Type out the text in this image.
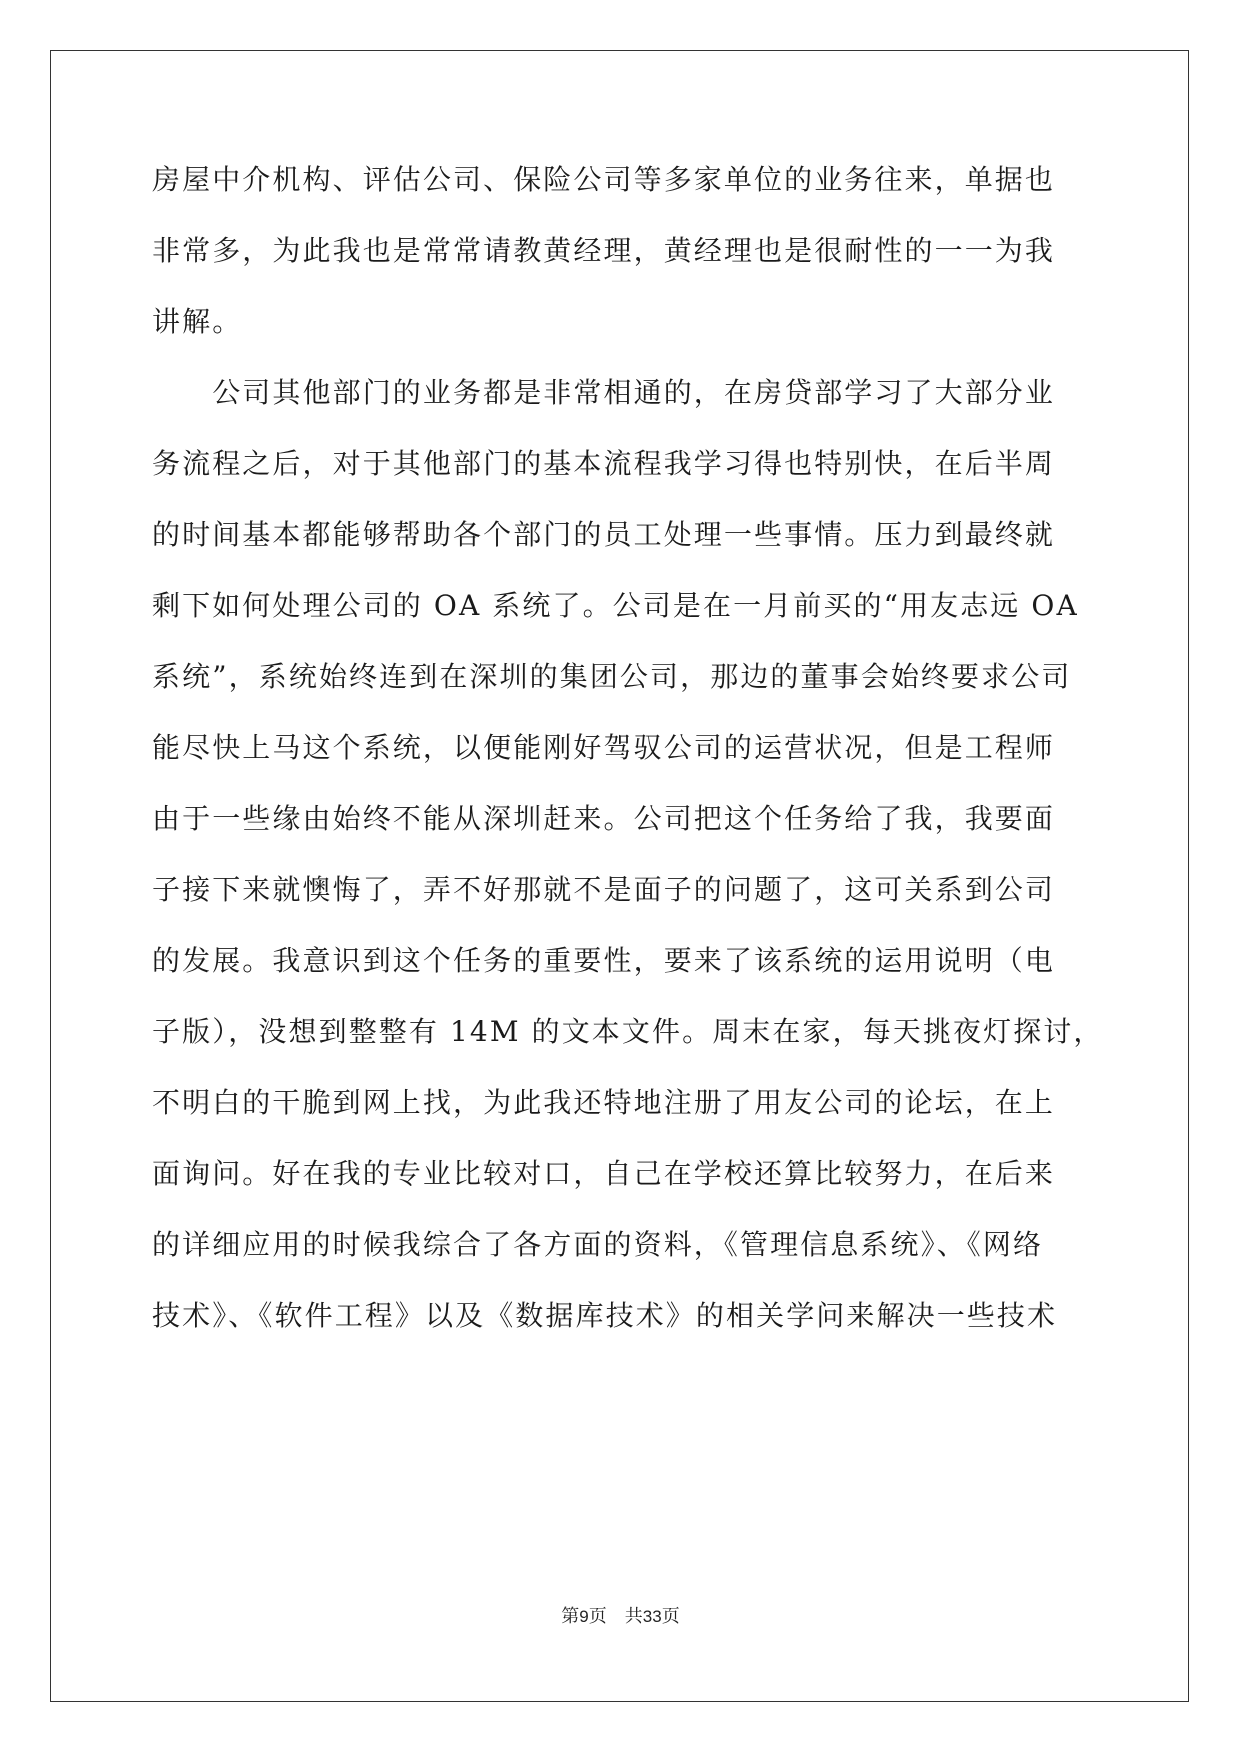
房屋中介机构、评估公司、保险公司等多家单位的业务往来，单据也
非常多，为此我也是常常请教黄经理，黄经理也是很耐性的一一为我
讲解。
　　公司其他部门的业务都是非常相通的，在房贷部学习了大部分业
务流程之后，对于其他部门的基本流程我学习得也特别快，在后半周
的时间基本都能够帮助各个部门的员工处理一些事情。压力到最终就
剩下如何处理公司的 OA 系统了。公司是在一月前买的“用友志远 OA
系统”，系统始终连到在深圳的集团公司，那边的董事会始终要求公司
能尽快上马这个系统，以便能刚好驾驭公司的运营状况，但是工程师
由于一些缘由始终不能从深圳赶来。公司把这个任务给了我，我要面
子接下来就懊悔了，弄不好那就不是面子的问题了，这可关系到公司
的发展。我意识到这个任务的重要性，要来了该系统的运用说明（电
子版），没想到整整有 14M 的文本文件。周末在家，每天挑夜灯探讨，
不明白的干脆到网上找，为此我还特地注册了用友公司的论坛，在上
面询问。好在我的专业比较对口，自己在学校还算比较努力，在后来
的详细应用的时候我综合了各方面的资料，《管理信息系统》、《网络
技术》、《软件工程》以及《数据库技术》的相关学问来解决一些技术
第9页 共33页
